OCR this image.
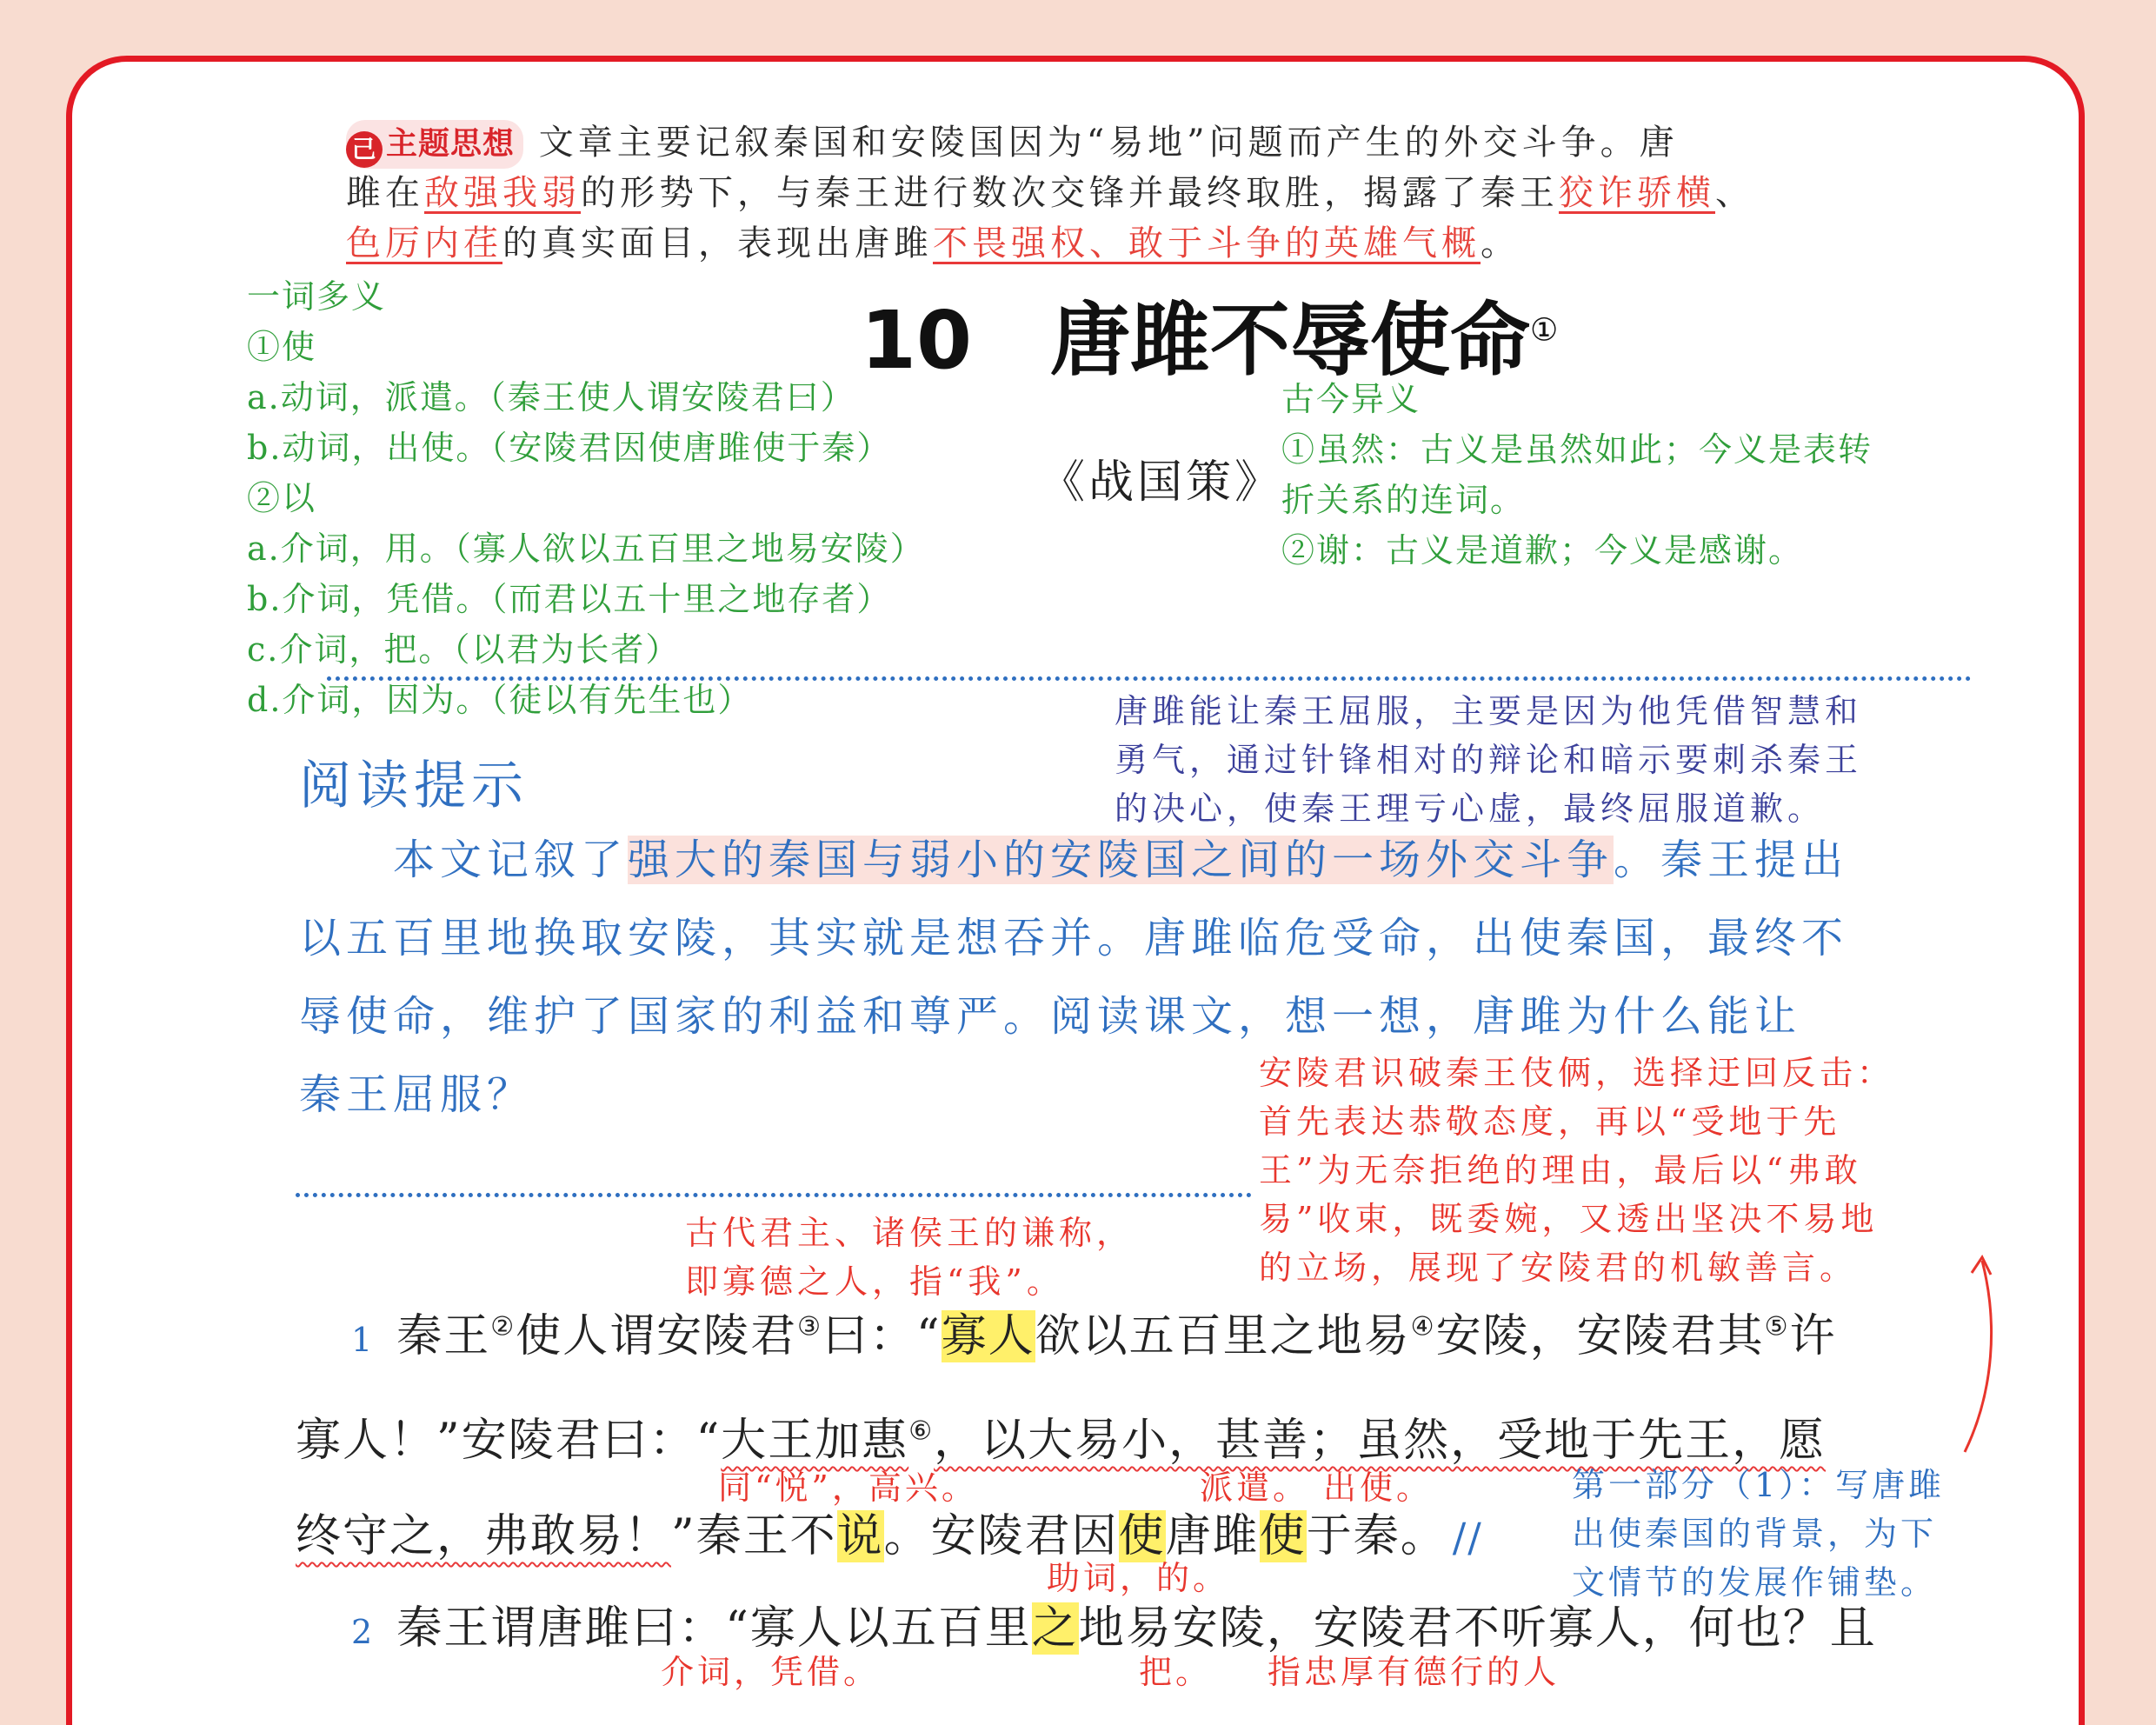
己 主题思想 文章主要记叙秦国和安陵国因为“易地”问题而产生的外交斗争。唐
雎在敌强我弱的形势下，与秦王进行数次交锋并最终取胜，揭露了秦王狡诈骄横、
色厉内荏的真实面目，表现出唐雎不畏强权、敢于斗争的英雄气概。
一词多义
①使
a.动词，派遣。（秦王使人谓安陵君曰）
b.动词，出使。（安陵君因使唐雎使于秦）
②以
a.介词，用。（寡人欲以五百里之地易安陵）
b.介词，凭借。（而君以五十里之地存者）
c.介词，把。（以君为长者）
d.介词，因为。（徒以有先生也）
10 唐雎不辱使命①
《战国策》
古今异义
①虽然：古义是虽然如此；今义是表转
折关系的连词。
②谢：古义是道歉；今义是感谢。
唐雎能让秦王屈服，主要是因为他凭借智慧和
勇气，通过针锋相对的辩论和暗示要刺杀秦王
的决心，使秦王理亏心虚，最终屈服道歉。
阅读提示
本文记叙了强大的秦国与弱小的安陵国之间的一场外交斗争。秦王提出
以五百里地换取安陵，其实就是想吞并。唐雎临危受命，出使秦国，最终不
辱使命，维护了国家的利益和尊严。阅读课文，想一想，唐雎为什么能让
秦王屈服？	安陵君识破秦王伎俩，选择迂回反击：
首先表达恭敬态度，再以“受地于先
王”为无奈拒绝的理由，最后以“弗敢
易”收束，既委婉，又透出坚决不易地
的立场，展现了安陵君的机敏善言。
古代君主、诸侯王的谦称，
即寡德之人，指“我”。
1 秦王②使人谓安陵君③曰：“寡人欲以五百里之地易④安陵，安陵君其⑤许
寡人！”安陵君曰：“大王加惠⑥，以大易小，甚善；虽然，受地于先王，愿
同“悦”，高兴。	派遣。 出使。
终守之，弗敢易！”秦王不说。安陵君因使唐雎使于秦。 //
助词，的。
第一部分（1）：写唐雎
出使秦国的背景，为下
文情节的发展作铺垫。
2 秦王谓唐雎曰：“寡人以五百里之地易安陵，安陵君不听寡人，何也？且
介词，凭借。	把。 指忠厚有德行的人
